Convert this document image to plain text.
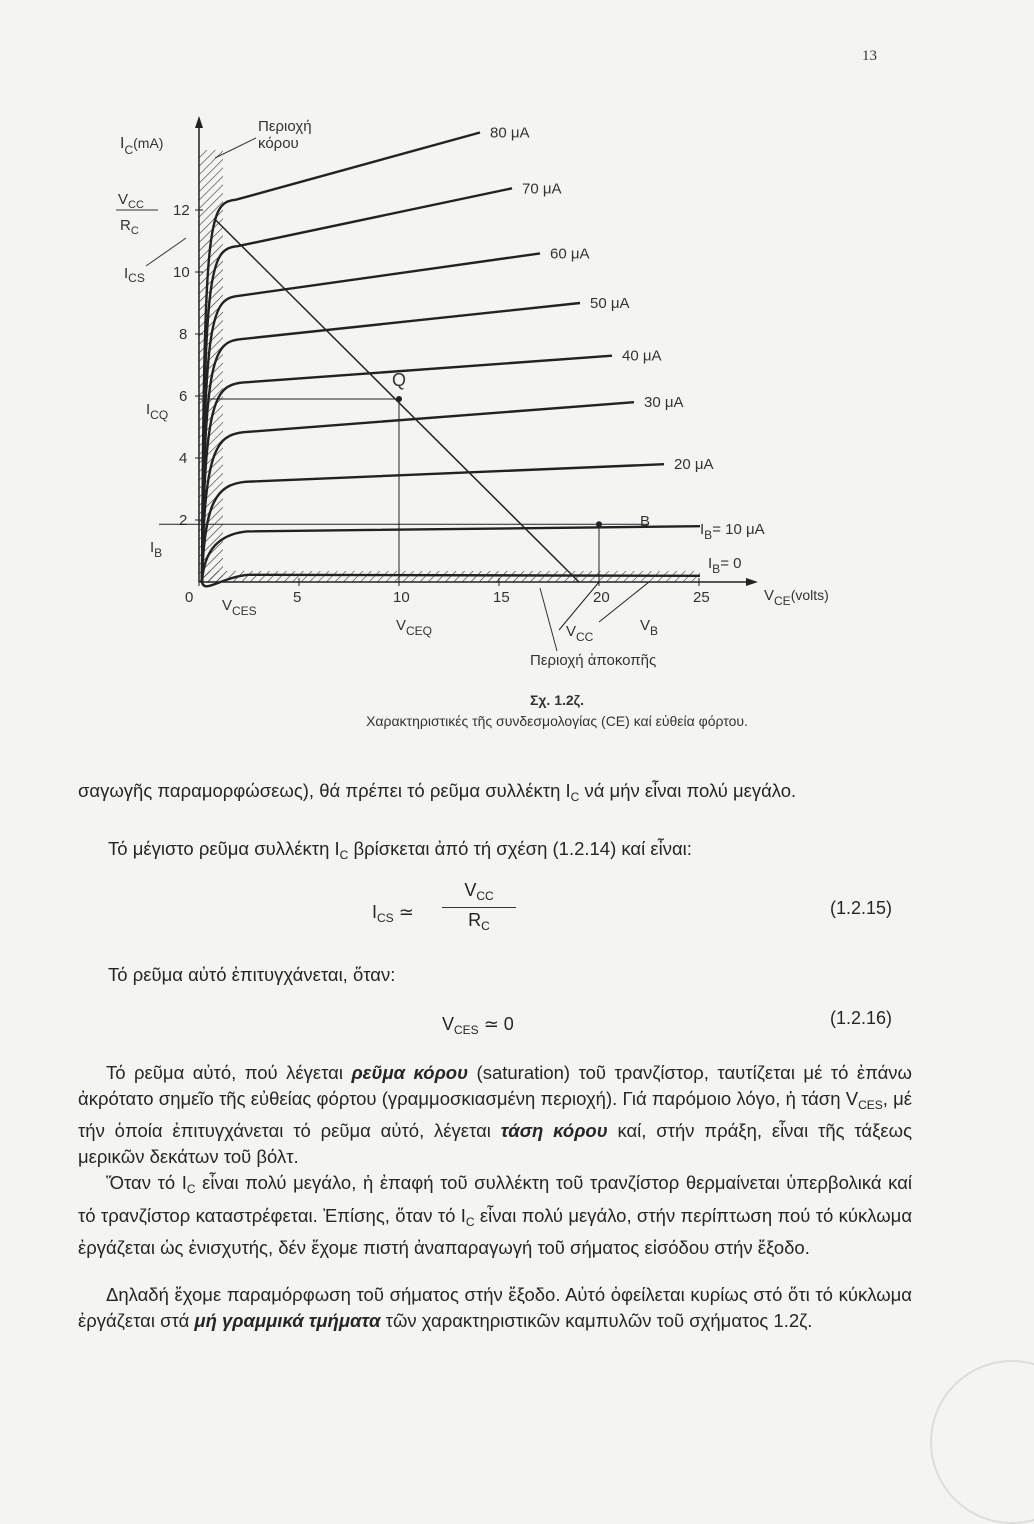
13
0	5	10	15	20	25
2
4
6
8
10
12
80 μA
70 μA
60 μA
50 μA
40 μA
30 μA
20 μA
$I_C(mA)$
Περιοχή
κόρου
$V_{CC}$
$R_C$
$I_{CS}$
$I_{CQ}$
$I_B$
$V_{CES}$
$V_{CEQ}$	$V_{CC}$
$V_B$
$V_{CE}(volts)$
Περιοχή ἀποκοπῆς
Q
B	$I_B= 10$ μA
$I_B= 0$
Σχ. 1.2ζ.
Χαρακτηριστικές τῆς συνδεσμολογίας (CE) καί εὐθεία φόρτου.
σαγωγῆς παραμορφώσεως), θά πρέπει τό ρεῦμα συλλέκτη $I_C$ νά μήν εἶναι πολύ μεγάλο.
Τό μέγιστο ρεῦμα συλλέκτη $I_C$ βρίσκεται ἀπό τή σχέση (1.2.14) καί εἶναι:
$I_{CS}$ ≃
$V_{CC}$
$R_C$
(1.2.15)
Τό ρεῦμα αὐτό ἐπιτυγχάνεται, ὅταν:
$V_{CES}$ ≃ 0	(1.2.16)
Τό ρεῦμα αὐτό, πού λέγεται ρεῦμα κόρου (saturation) τοῦ τρανζίστορ, ταυτίζεται μέ τό ἐπάνω ἀκρότατο σημεῖο τῆς εὐθείας φόρτου (γραμμοσκιασμένη περιοχή). Γιά παρόμοιο λόγο, ἡ τάση $V_{CES}$, μέ τήν ὁποία ἐπιτυγχάνεται τό ρεῦμα αὐτό, λέγεται τάση κόρου καί, στήν πράξη, εἶναι τῆς τάξεως μερικῶν δεκάτων τοῦ βόλτ.
Ὅταν τό $I_C$ εἶναι πολύ μεγάλο, ἡ ἐπαφή τοῦ συλλέκτη τοῦ τρανζίστορ θερμαίνεται ὑπερβολικά καί τό τρανζίστορ καταστρέφεται. Ἐπίσης, ὅταν τό $I_C$ εἶναι πολύ μεγάλο, στήν περίπτωση πού τό κύκλωμα ἐργάζεται ὡς ἐνισχυτής, δέν ἔχομε πιστή ἀναπαραγωγή τοῦ σήματος εἰσόδου στήν ἔξοδο.
Δηλαδή ἔχομε παραμόρφωση τοῦ σήματος στήν ἔξοδο. Αὐτό ὀφείλεται κυρίως στό ὅτι τό κύκλωμα ἐργάζεται στά μή γραμμικά τμήματα τῶν χαρακτηριστικῶν καμπυλῶν τοῦ σχήματος 1.2ζ.
